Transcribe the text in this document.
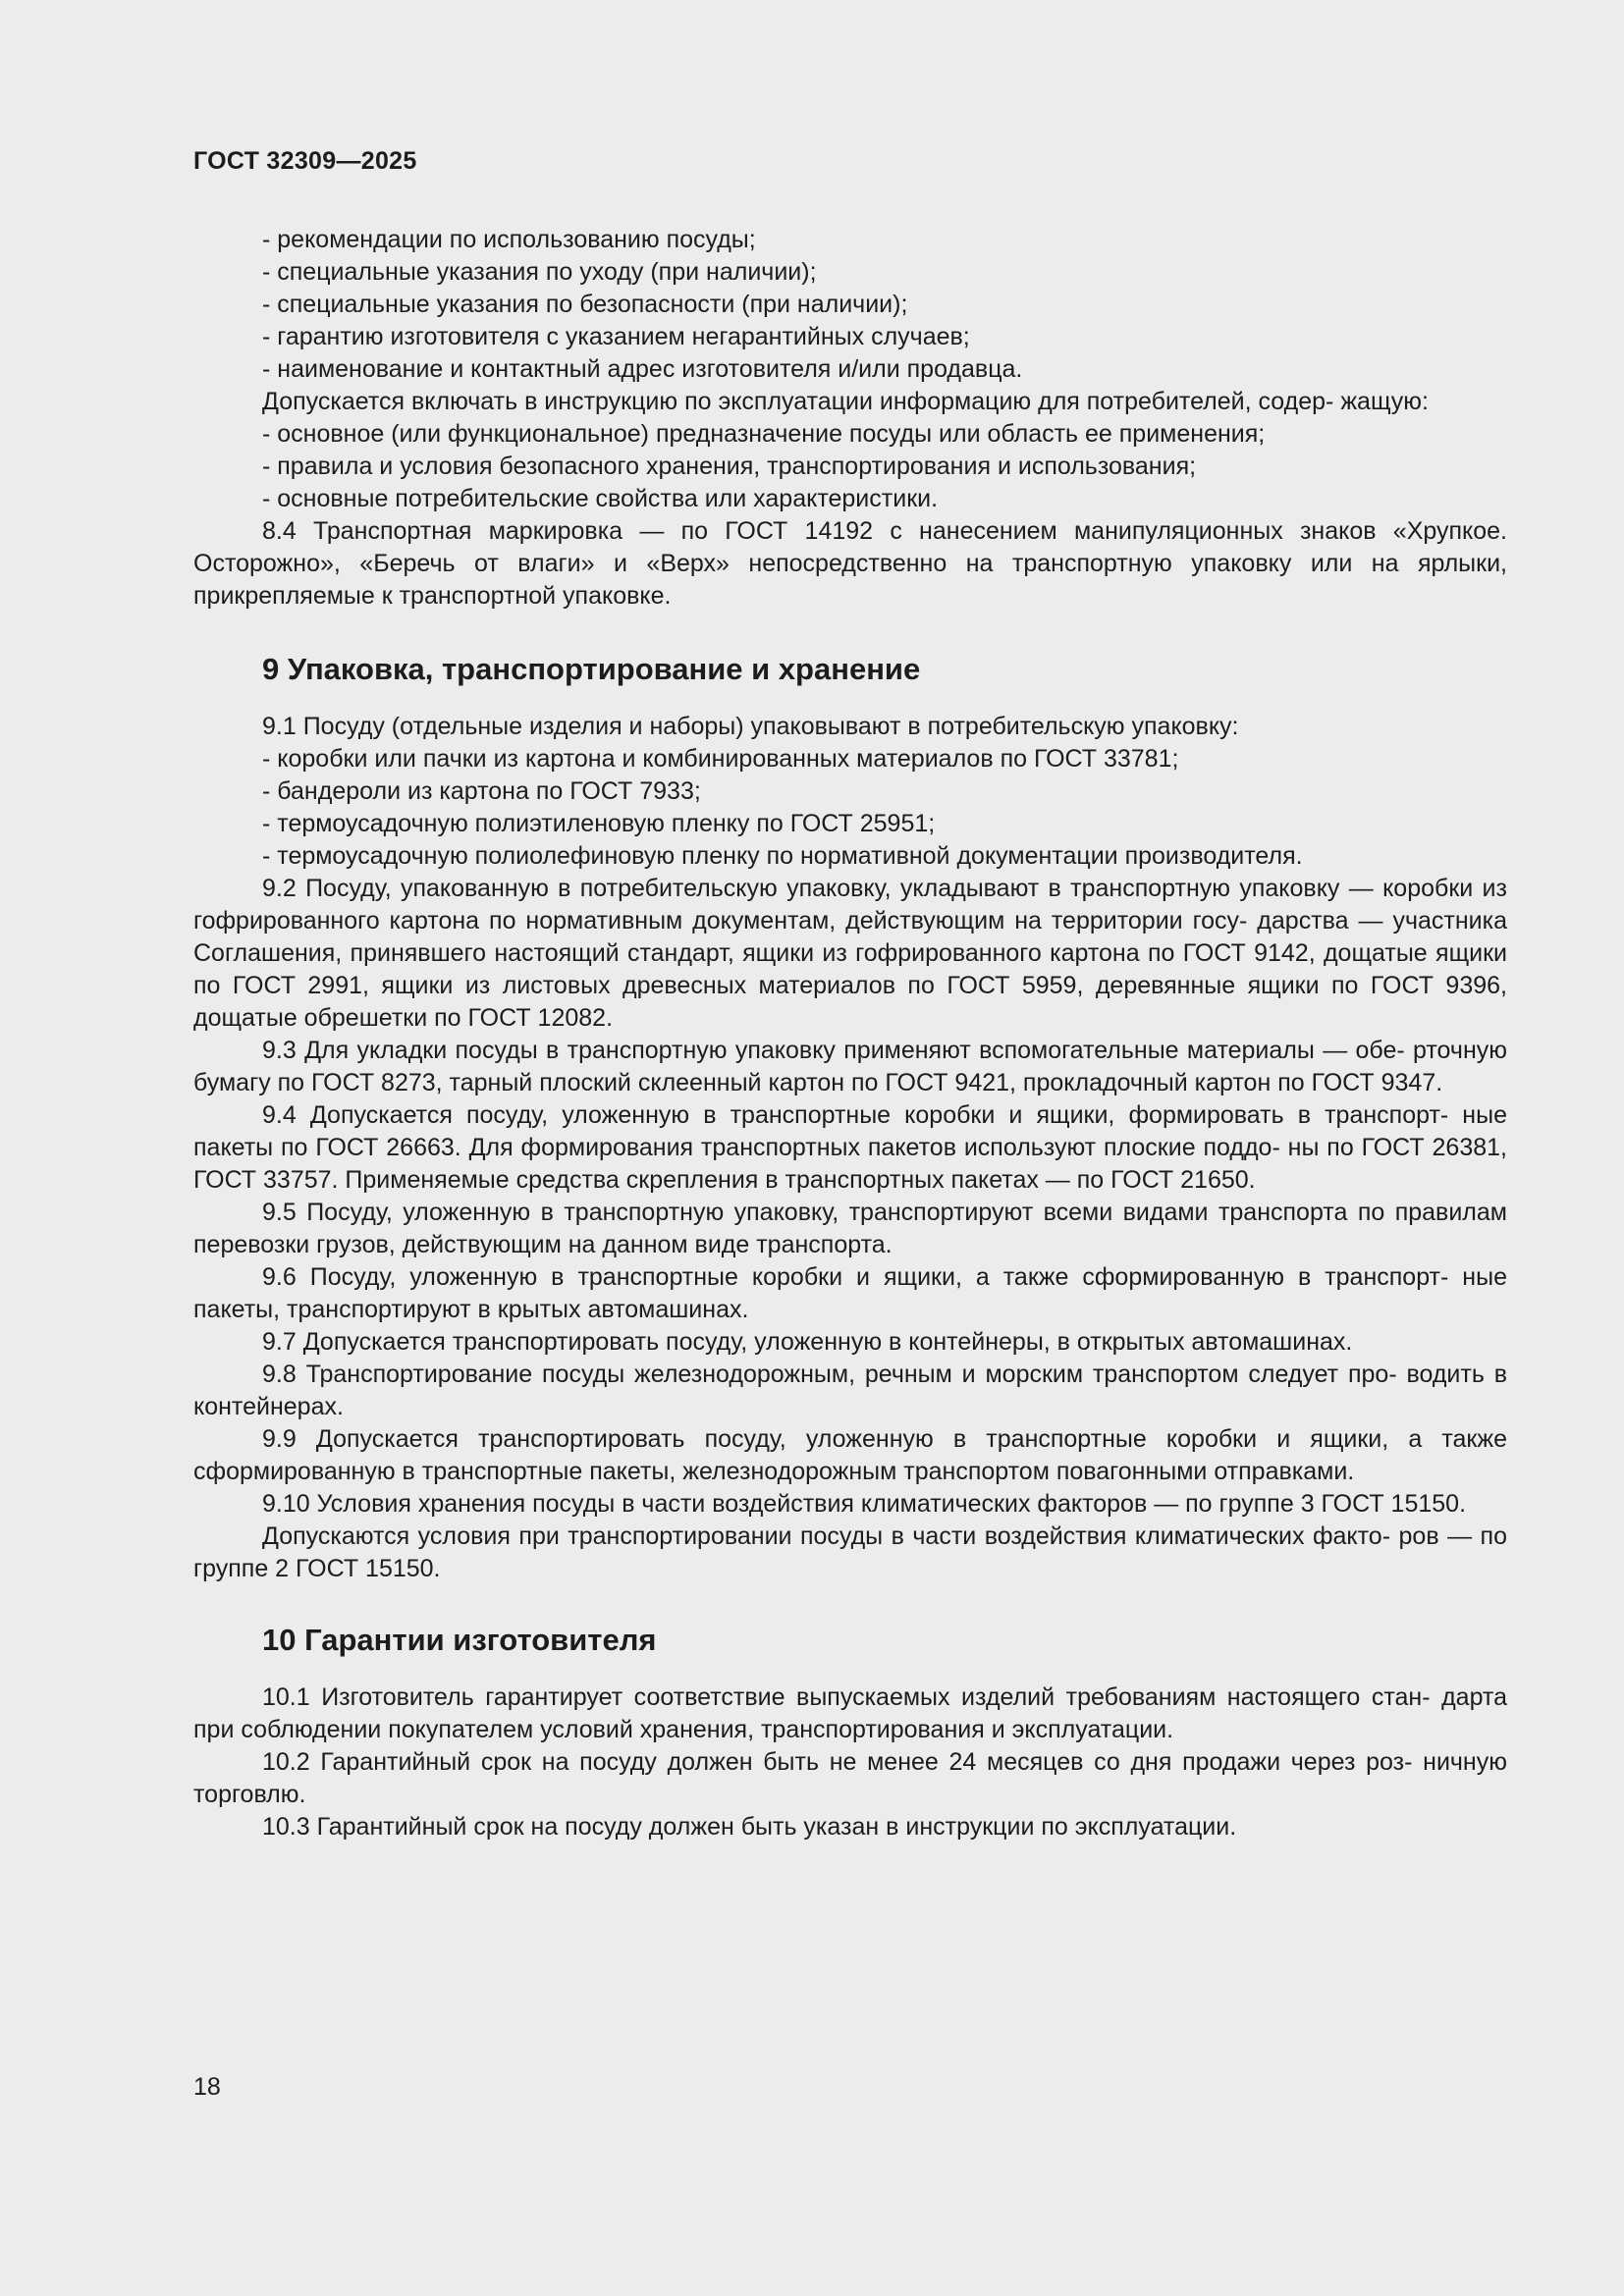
ГОСТ 32309—2025

- рекомендации по использованию посуды;

- специальные указания по уходу (при наличии);

- специальные указания по безопасности (при наличии);

- гарантию изготовителя с указанием негарантийных случаев;

- наименование и контактный адрес изготовителя и/или продавца.

Допускается включать в инструкцию по эксплуатации информацию для потребителей, содер- жащую:

- основное (или функциональное) предназначение посуды или область ее применения;

- правила и условия безопасного хранения, транспортирования и использования;

- основные потребительские свойства или характеристики.

8.4 Транспортная маркировка — по ГОСТ 14192 с нанесением манипуляционных знаков «Хрупкое. Осторожно», «Беречь от влаги» и «Верх» непосредственно на транспортную упаковку или на ярлыки, прикрепляемые к транспортной упаковке.

9 Упаковка, транспортирование и хранение

9.1 Посуду (отдельные изделия и наборы) упаковывают в потребительскую упаковку:

- коробки или пачки из картона и комбинированных материалов по ГОСТ 33781;

- бандероли из картона по ГОСТ 7933;

- термоусадочную полиэтиленовую пленку по ГОСТ 25951;

- термоусадочную полиолефиновую пленку по нормативной документации производителя.

9.2 Посуду, упакованную в потребительскую упаковку, укладывают в транспортную упаковку — коробки из гофрированного картона по нормативным документам, действующим на территории госу- дарства — участника Соглашения, принявшего настоящий стандарт, ящики из гофрированного картона по ГОСТ 9142, дощатые ящики по ГОСТ 2991, ящики из листовых древесных материалов по ГОСТ 5959, деревянные ящики по ГОСТ 9396, дощатые обрешетки по ГОСТ 12082.

9.3 Для укладки посуды в транспортную упаковку применяют вспомогательные материалы — обе- рточную бумагу по ГОСТ 8273, тарный плоский склеенный картон по ГОСТ 9421, прокладочный картон по ГОСТ 9347.

9.4 Допускается посуду, уложенную в транспортные коробки и ящики, формировать в транспорт- ные пакеты по ГОСТ 26663. Для формирования транспортных пакетов используют плоские поддо- ны по ГОСТ 26381, ГОСТ 33757. Применяемые средства скрепления в транспортных пакетах — по ГОСТ 21650.

9.5 Посуду, уложенную в транспортную упаковку, транспортируют всеми видами транспорта по правилам перевозки грузов, действующим на данном виде транспорта.

9.6 Посуду, уложенную в транспортные коробки и ящики, а также сформированную в транспорт- ные пакеты, транспортируют в крытых автомашинах.

9.7 Допускается транспортировать посуду, уложенную в контейнеры, в открытых автомашинах.

9.8 Транспортирование посуды железнодорожным, речным и морским транспортом следует про- водить в контейнерах.

9.9 Допускается транспортировать посуду, уложенную в транспортные коробки и ящики, а также сформированную в транспортные пакеты, железнодорожным транспортом повагонными отправками.

9.10 Условия хранения посуды в части воздействия климатических факторов — по группе 3 ГОСТ 15150.

Допускаются условия при транспортировании посуды в части воздействия климатических факто- ров — по группе 2 ГОСТ 15150.

10 Гарантии изготовителя

10.1 Изготовитель гарантирует соответствие выпускаемых изделий требованиям настоящего стан- дарта при соблюдении покупателем условий хранения, транспортирования и эксплуатации.

10.2 Гарантийный срок на посуду должен быть не менее 24 месяцев со дня продажи через роз- ничную торговлю.

10.3 Гарантийный срок на посуду должен быть указан в инструкции по эксплуатации.

18
